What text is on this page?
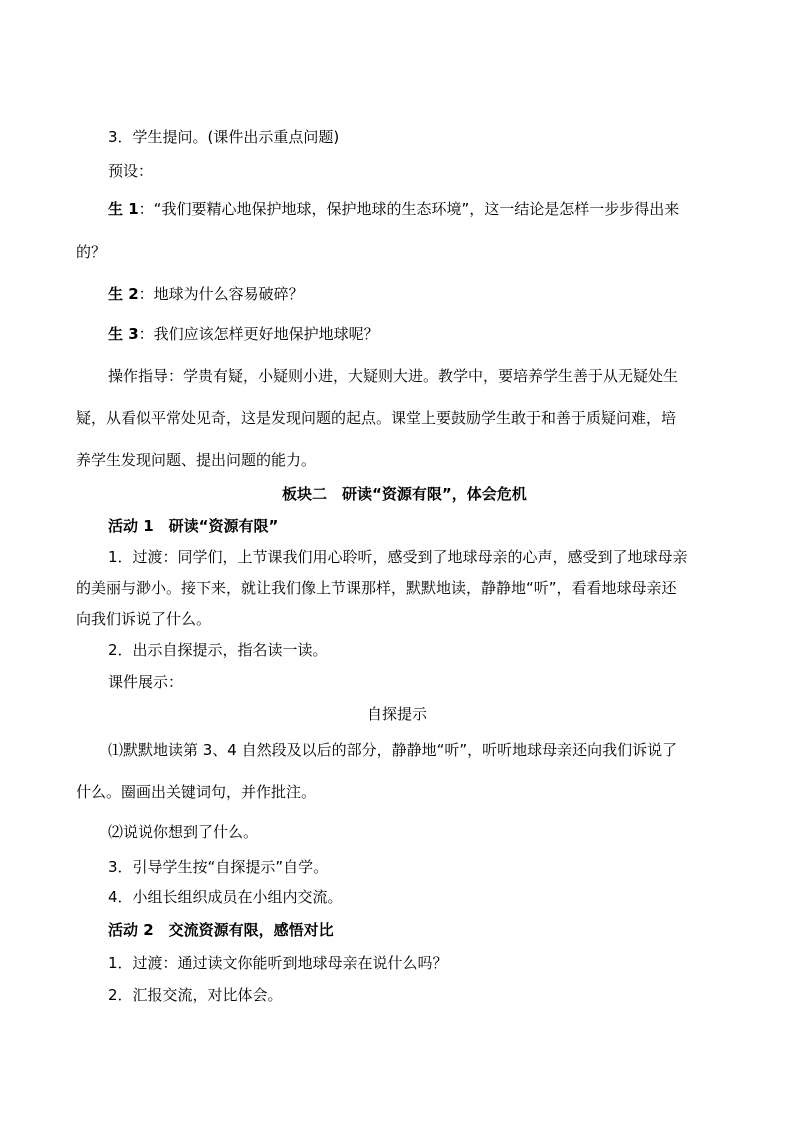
3．学生提问。(课件出示重点问题)
预设：
生 1：“我们要精心地保护地球，保护地球的生态环境”，这一结论是怎样一步步得出来
的？
生 2：地球为什么容易破碎？
生 3：我们应该怎样更好地保护地球呢？
操作指导：学贵有疑，小疑则小进，大疑则大进。教学中，要培养学生善于从无疑处生
疑，从看似平常处见奇，这是发现问题的起点。课堂上要鼓励学生敢于和善于质疑问难，培
养学生发现问题、提出问题的能力。
板块二　研读“资源有限”，体会危机
活动 1　研读“资源有限”
1．过渡：同学们，上节课我们用心聆听，感受到了地球母亲的心声，感受到了地球母亲
的美丽与渺小。接下来，就让我们像上节课那样，默默地读，静静地“听”，看看地球母亲还
向我们诉说了什么。
2．出示自探提示，指名读一读。
课件展示：
自探提示
⑴默默地读第 3、4 自然段及以后的部分，静静地“听”，听听地球母亲还向我们诉说了
什么。圈画出关键词句，并作批注。
⑵说说你想到了什么。
3．引导学生按“自探提示”自学。
4．小组长组织成员在小组内交流。
活动 2　交流资源有限，感悟对比
1．过渡：通过读文你能听到地球母亲在说什么吗？
2．汇报交流，对比体会。
